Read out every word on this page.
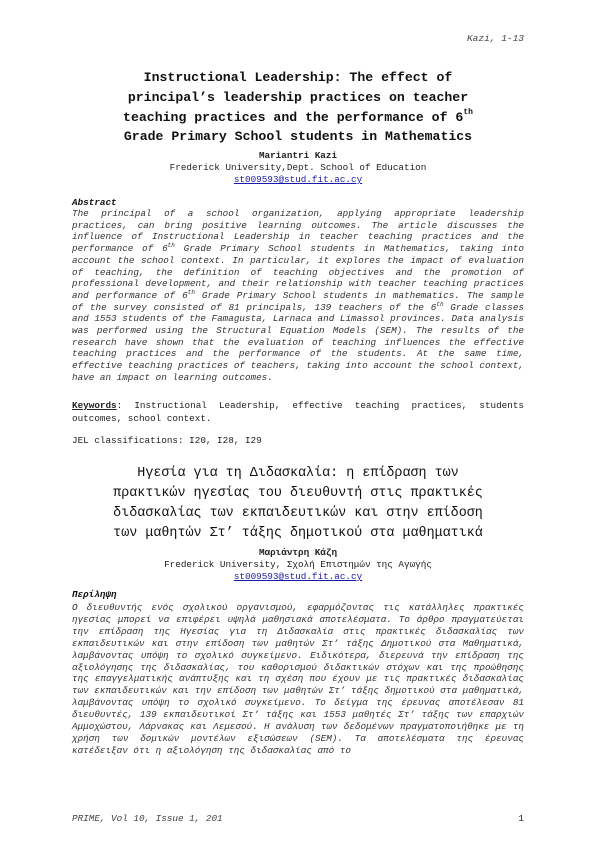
Kazi, 1-13
Instructional Leadership: The effect of
principal’s leadership practices on teacher
teaching practices and the performance of 6th
Grade Primary School students in Mathematics
Mariantri Kazi
Frederick University,Dept. School of Education
st009593@stud.fit.ac.cy
Abstract
The principal of a school organization, applying appropriate leadership practices, can bring positive learning outcomes. The article discusses the influence of Instructional Leadership in teacher teaching practices and the performance of 6th Grade Primary School students in Mathematics, taking into account the school context. In particular, it explores the impact of evaluation of teaching, the definition of teaching objectives and the promotion of professional development, and their relationship with teacher teaching practices and performance of 6th Grade Primary School students in mathematics. The sample of the survey consisted of 81 principals, 139 teachers of the 6th Grade classes and 1553 students of the Famagusta, Larnaca and Limassol provinces. Data analysis was performed using the Structural Equation Models (SEM). The results of the research have shown that the evaluation of teaching influences the effective teaching practices and the performance of the students. At the same time, effective teaching practices of teachers, taking into account the school context, have an impact on learning outcomes.
Keywords: Instructional Leadership, effective teaching practices, students outcomes, school context.
JEL classifications: I20, I28, I29
Ηγεσία για τη Διδασκαλία: η επίδραση των
πρακτικών ηγεσίας του διευθυντή στις πρακτικές
διδασκαλίας των εκπαιδευτικών και στην επίδοση
των μαθητών Στ’ τάξης δημοτικού στα μαθηματικά
Μαριάντρη Κάζη
Frederick University, Σχολή Επιστημών της Αγωγής
st009593@stud.fit.ac.cy
Περίληψη
Ο διευθυντής ενός σχολικού οργανισμού, εφαρμόζοντας τις κατάλληλες πρακτικές ηγεσίας μπορεί να επιφέρει υψηλά μαθησιακά αποτελέσματα. Το άρθρο πραγματεύεται την επίδραση της Ηγεσίας για τη Διδασκαλία στις πρακτικές διδασκαλίας των εκπαιδευτικών και στην επίδοση των μαθητών Στ’ τάξης Δημοτικού στα Μαθηματικά, λαμβάνοντας υπόψη το σχολικό συγκείμενο. Ειδικότερα, διερευνά την επίδραση της αξιολόγησης της διδασκαλίας, του καθορισμού διδακτικών στόχων και της προώθησης της επαγγελματικής ανάπτυξης και τη σχέση που έχουν με τις πρακτικές διδασκαλίας των εκπαιδευτικών και την επίδοση των μαθητών Στ’ τάξης δημοτικού στα μαθηματικά, λαμβάνοντας υπόψη το σχολικό συγκείμενο. Το δείγμα της έρευνας αποτέλεσαν 81 διευθυντές, 139 εκπαιδευτικοί Στ’ τάξης και 1553 μαθητές Στ’ τάξης των επαρχιών Αμμοχώστου, Λάρνακας και Λεμεσού. Η ανάλυση των δεδομένων πραγματοποιήθηκε με τη χρήση των δομικών μοντέλων εξισώσεων (SEM). Τα αποτελέσματα της έρευνας κατέδειξαν ότι η αξιολόγηση της διδασκαλίας από το
PRIME, Vol 10, Issue 1, 201	1
